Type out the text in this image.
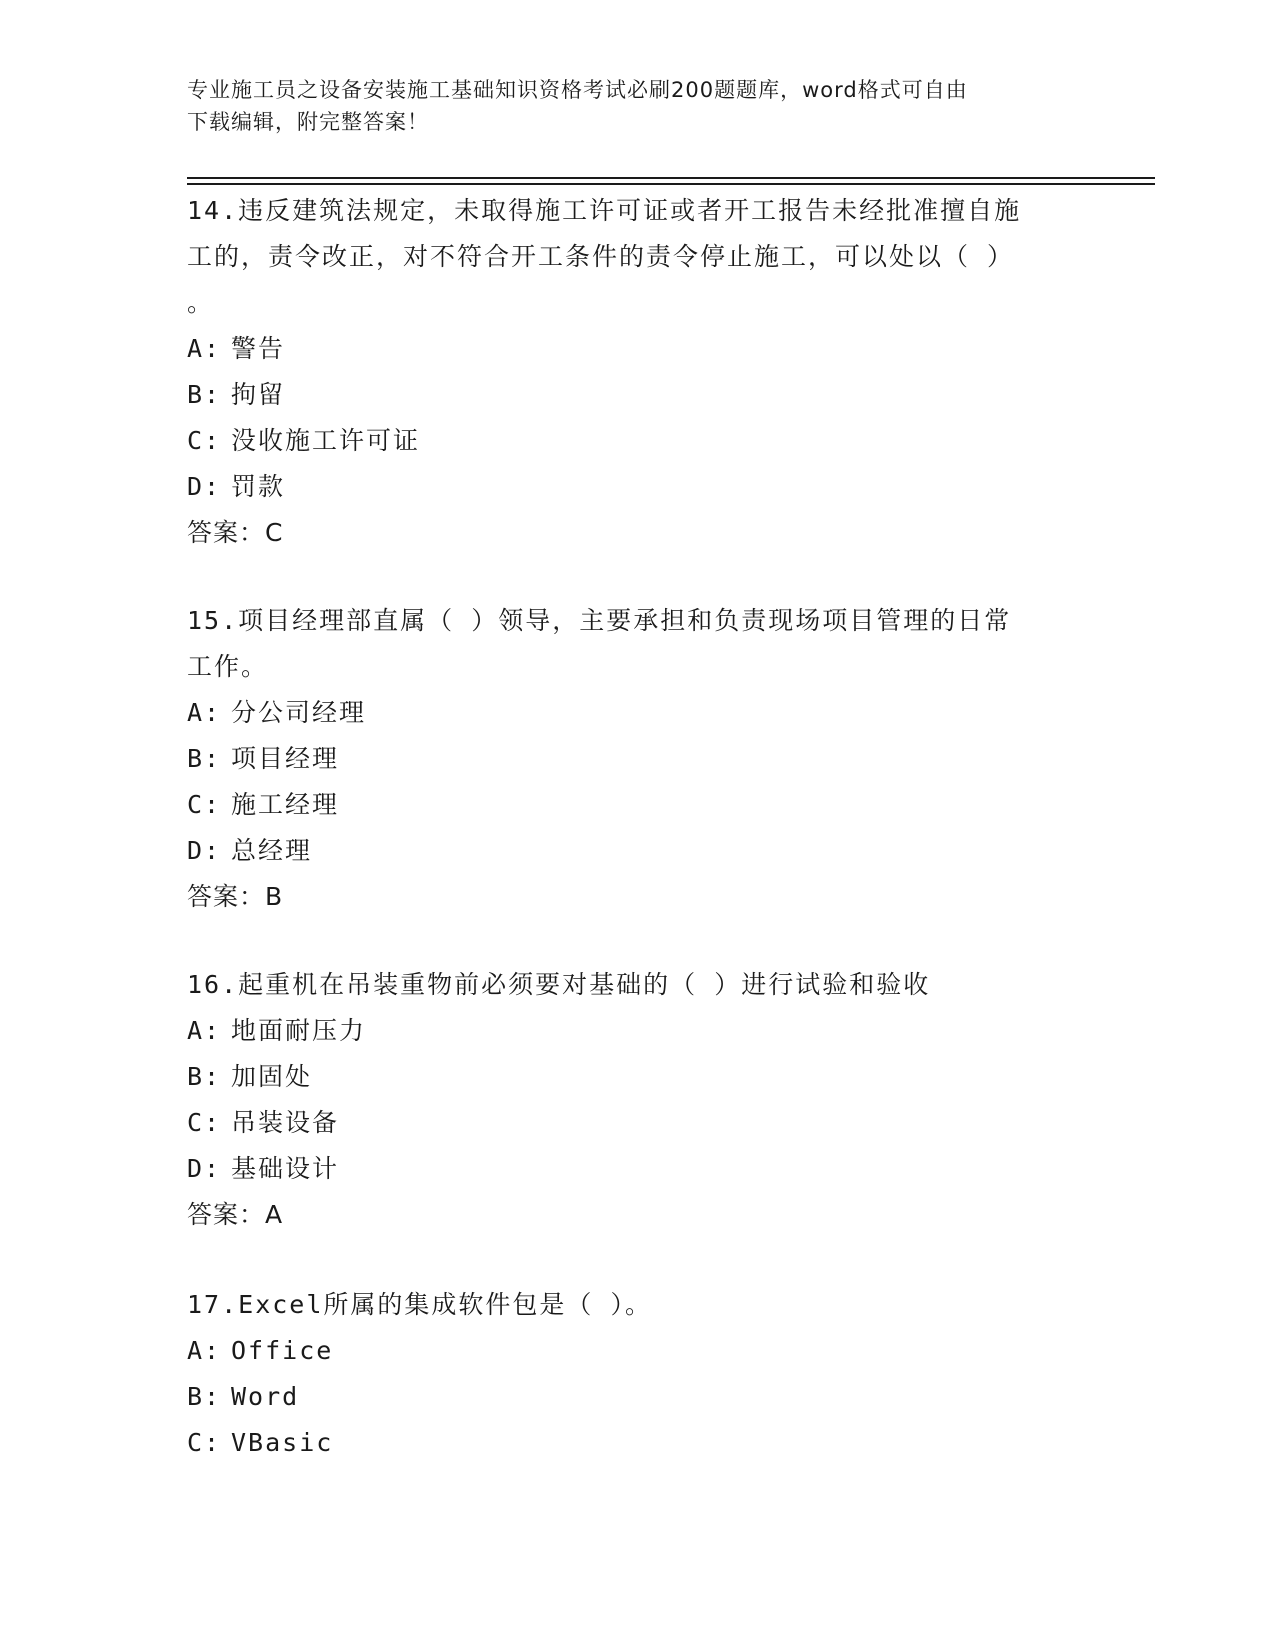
专业施工员之设备安装施工基础知识资格考试必刷200题题库，word格式可自由
下载编辑，附完整答案！

14.违反建筑法规定，未取得施工许可证或者开工报告未经批准擅自施

工的，责令改正，对不符合开工条件的责令停止施工，可以处以（ ）

。

A: 警告

B: 拘留

C: 没收施工许可证

D: 罚款

答案：C

15.项目经理部直属（ ）领导，主要承担和负责现场项目管理的日常

工作。

A: 分公司经理

B: 项目经理

C: 施工经理

D: 总经理

答案：B

16.起重机在吊装重物前必须要对基础的（ ）进行试验和验收

A: 地面耐压力

B: 加固处

C: 吊装设备

D: 基础设计

答案：A

17.Excel所属的集成软件包是（ ）。

A: Office

B: Word

C: VBasic
